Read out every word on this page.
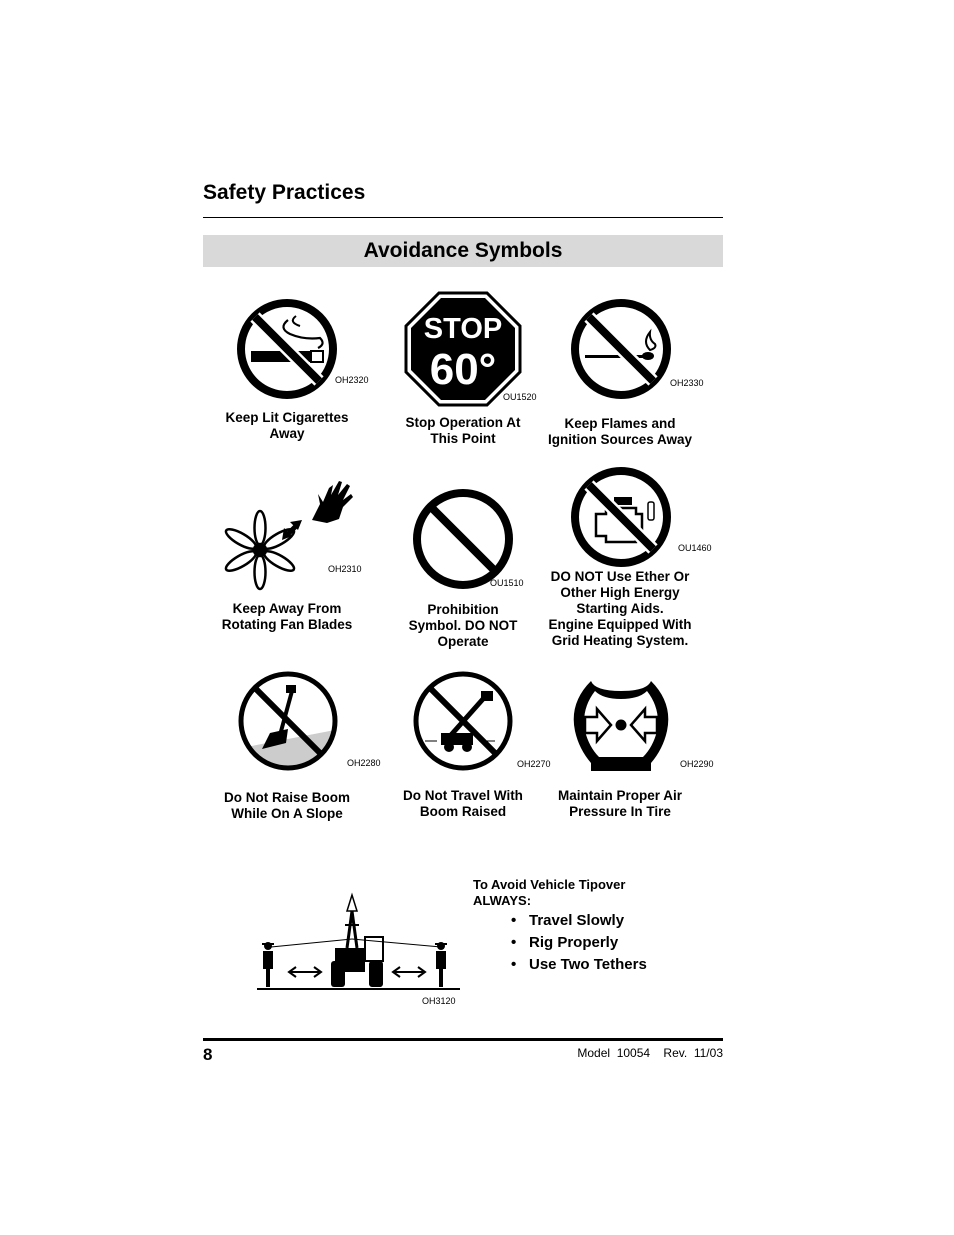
Safety Practices
Avoidance Symbols
OH2320
Keep Lit Cigarettes
Away
STOP
60°
OU1520
Stop Operation At
This Point
OH2330
Keep Flames and
Ignition Sources Away
OH2310
Keep Away From
Rotating Fan Blades
OU1510
Prohibition
Symbol. DO NOT
Operate
OU1460
DO NOT Use Ether Or
Other High Energy
Starting Aids.
Engine Equipped With
Grid Heating System.
OH2280
Do Not Raise Boom
While On A Slope
OH2270
Do Not Travel With
Boom Raised
OH2290
Maintain Proper Air
Pressure In Tire
OH3120
To Avoid Vehicle Tipover
ALWAYS:
• Travel Slowly
• Rig Properly
• Use Two Tethers
8	Model  10054    Rev.  11/03
